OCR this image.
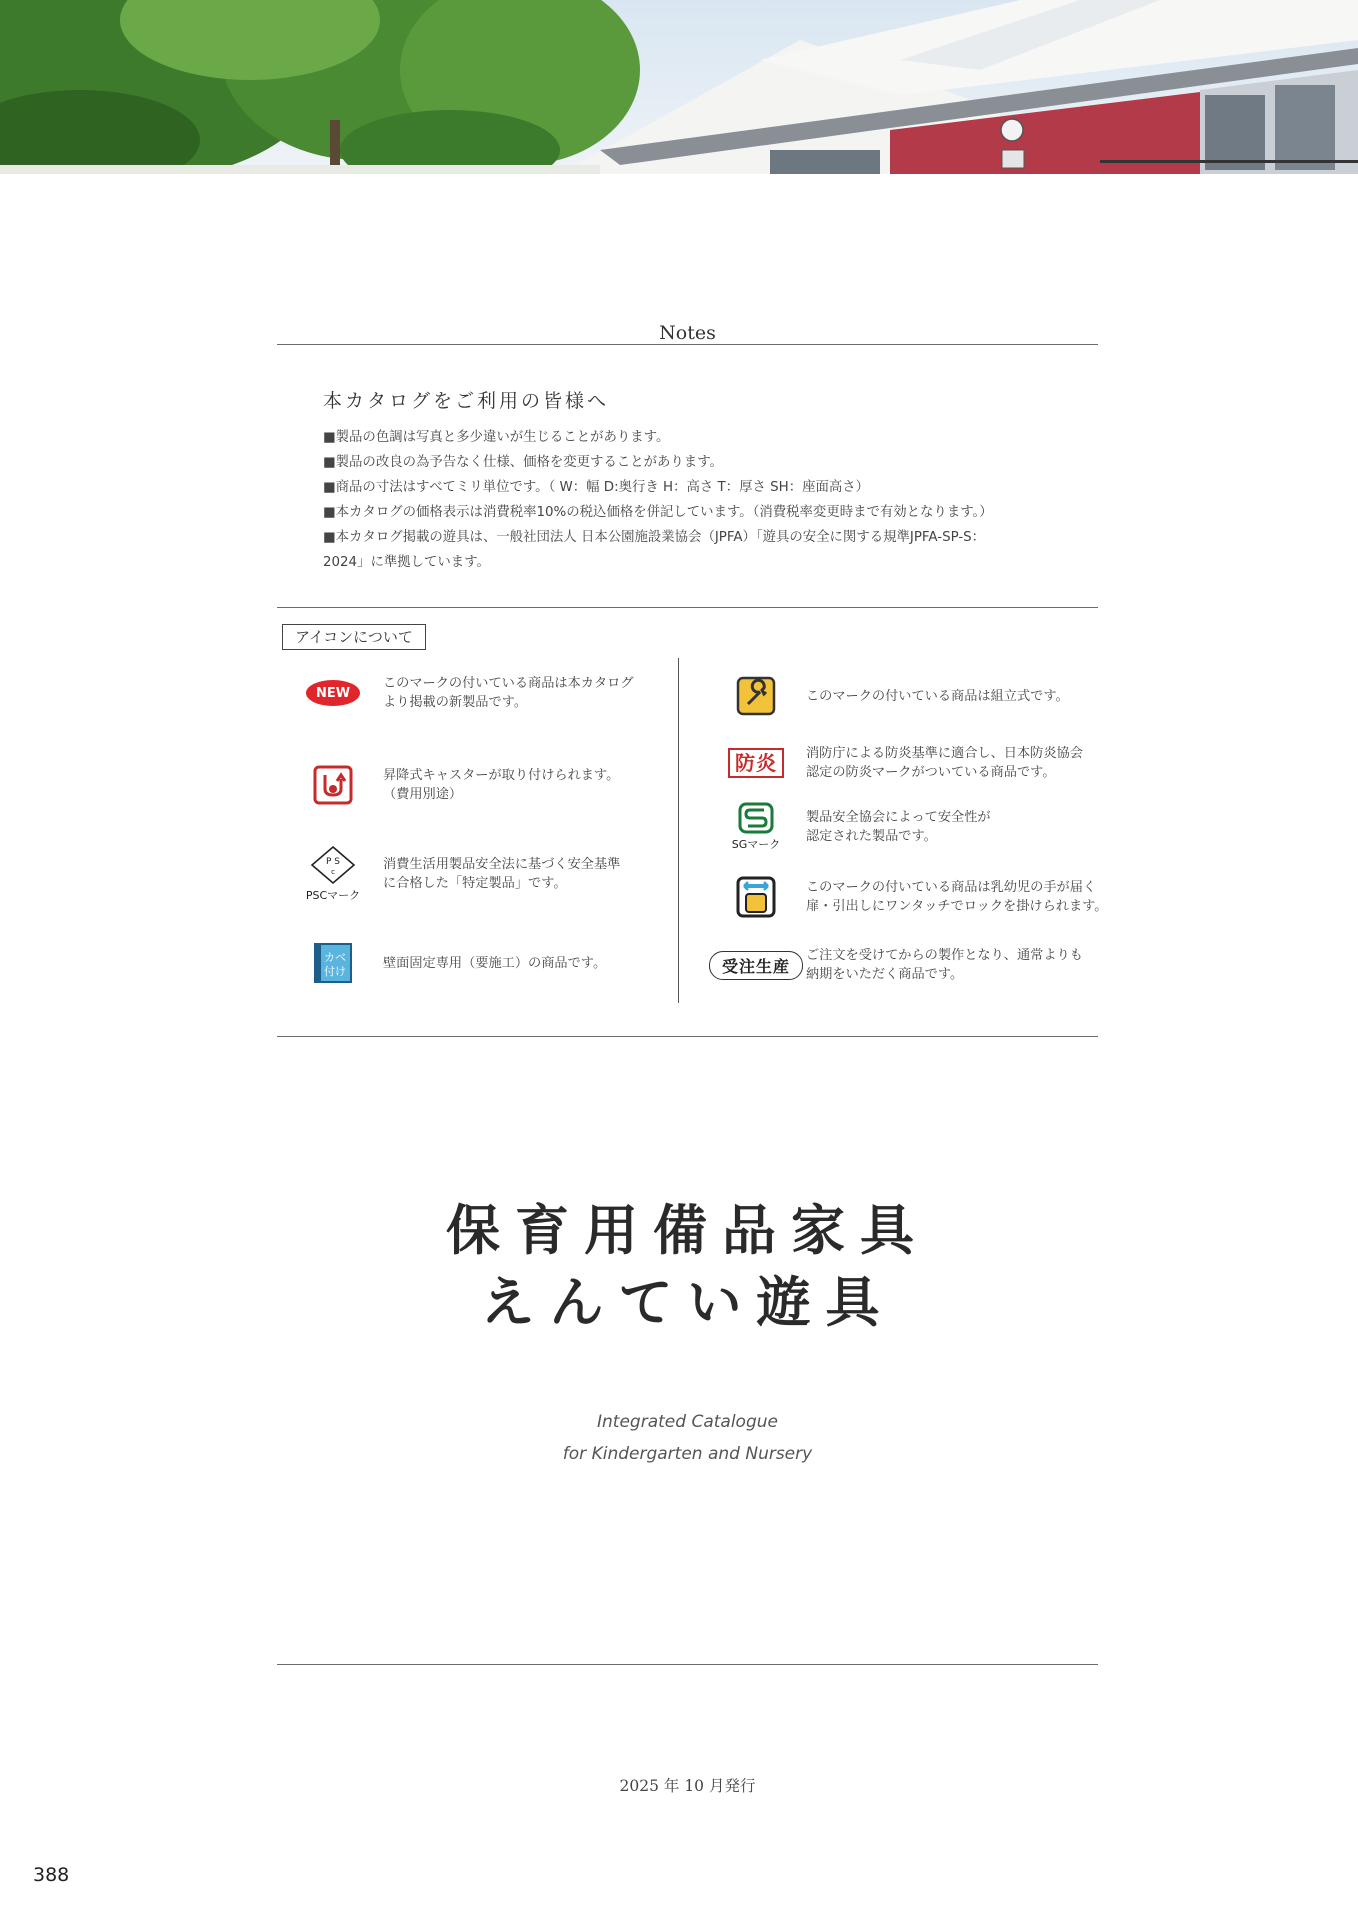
Notes
本カタログをご利用の皆様へ
■製品の色調は写真と多少違いが生じることがあります。
■製品の改良の為予告なく仕様、価格を変更することがあります。
■商品の寸法はすべてミリ単位です。（ W：幅 D:奥行き H：高さ T：厚さ SH：座面高さ）
■本カタログの価格表示は消費税率10%の税込価格を併記しています。（消費税率変更時まで有効となります。）
■本カタログ掲載の遊具は、一般社団法人 日本公園施設業協会（JPFA）「遊具の安全に関する規準JPFA-SP-S：
2024」に準拠しています。
アイコンについて
NEW
このマークの付いている商品は本カタログ
より掲載の新製品です。
昇降式キャスターが取り付けられます。
（費用別途）
P S
c
PSCマーク
消費生活用製品安全法に基づく安全基準
に合格した「特定製品」です。
カベ
付け
壁面固定専用（要施工）の商品です。
このマークの付いている商品は組立式です。
防炎	消防庁による防炎基準に適合し、日本防炎協会
認定の防炎マークがついている商品です。
SGマーク
製品安全協会によって安全性が
認定された製品です。
このマークの付いている商品は乳幼児の手が届く
扉・引出しにワンタッチでロックを掛けられます。
受注生産
ご注文を受けてからの製作となり、通常よりも
納期をいただく商品です。
保育用備品家具
えんてい遊具
Integrated Catalogue
for Kindergarten and Nursery
2025 年 10 月発行
388
